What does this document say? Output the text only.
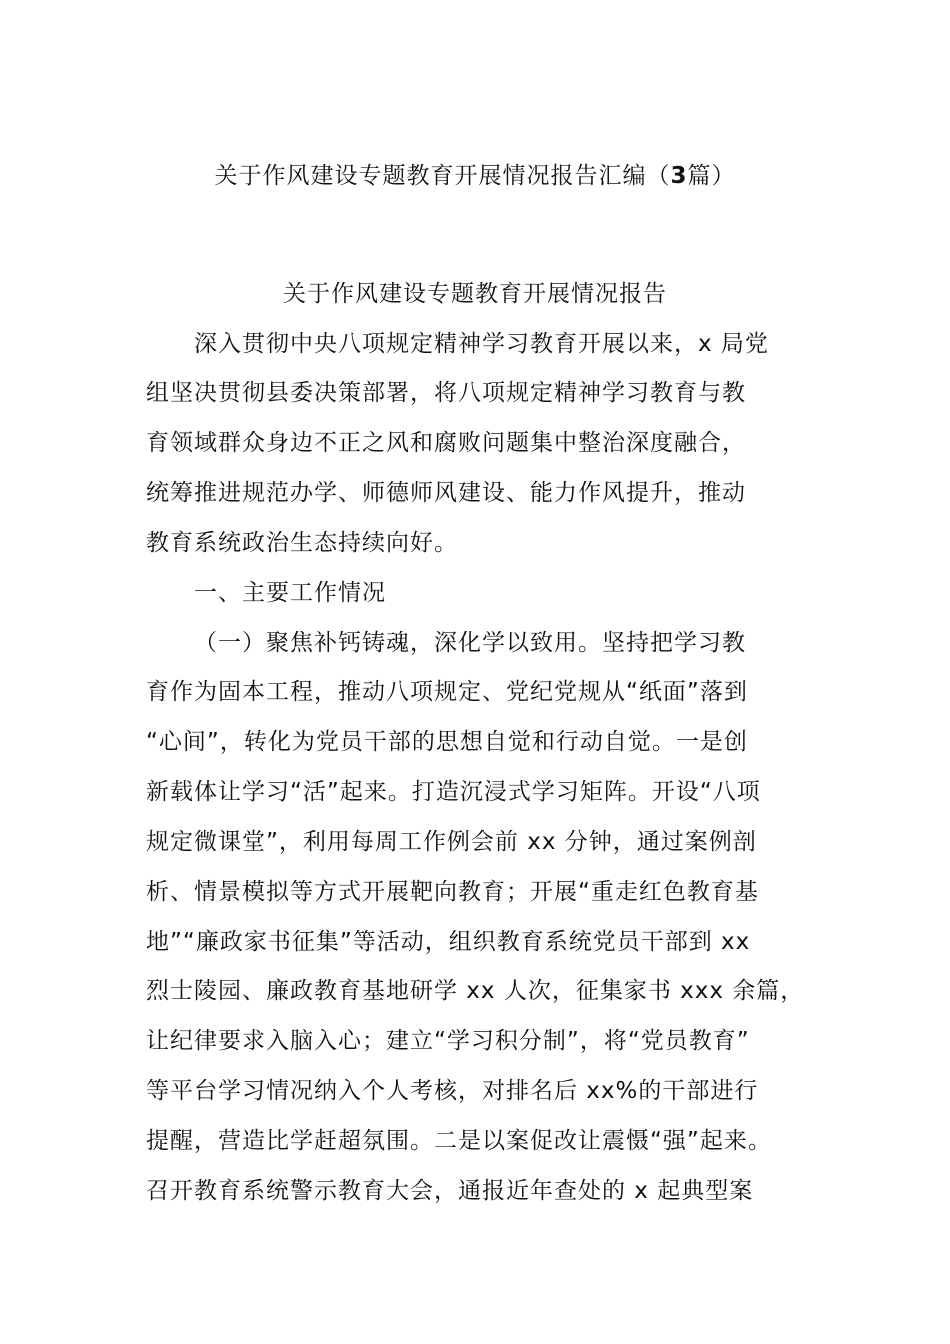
关于作风建设专题教育开展情况报告汇编（3篇）
关于作风建设专题教育开展情况报告
深入贯彻中央八项规定精神学习教育开展以来，x 局党
组坚决贯彻县委决策部署，将八项规定精神学习教育与教
育领域群众身边不正之风和腐败问题集中整治深度融合，
统筹推进规范办学、师德师风建设、能力作风提升，推动
教育系统政治生态持续向好。
一、主要工作情况
（一）聚焦补钙铸魂，深化学以致用。坚持把学习教
育作为固本工程，推动八项规定、党纪党规从“纸面”落到
“心间”，转化为党员干部的思想自觉和行动自觉。一是创
新载体让学习“活”起来。打造沉浸式学习矩阵。开设“八项
规定微课堂”，利用每周工作例会前 xx 分钟，通过案例剖
析、情景模拟等方式开展靶向教育；开展“重走红色教育基
地”“廉政家书征集”等活动，组织教育系统党员干部到 xx
烈士陵园、廉政教育基地研学 xx 人次，征集家书 xxx 余篇，
让纪律要求入脑入心；建立“学习积分制”，将“党员教育”
等平台学习情况纳入个人考核，对排名后 xx%的干部进行
提醒，营造比学赶超氛围。二是以案促改让震慑“强”起来。
召开教育系统警示教育大会，通报近年查处的 x 起典型案
